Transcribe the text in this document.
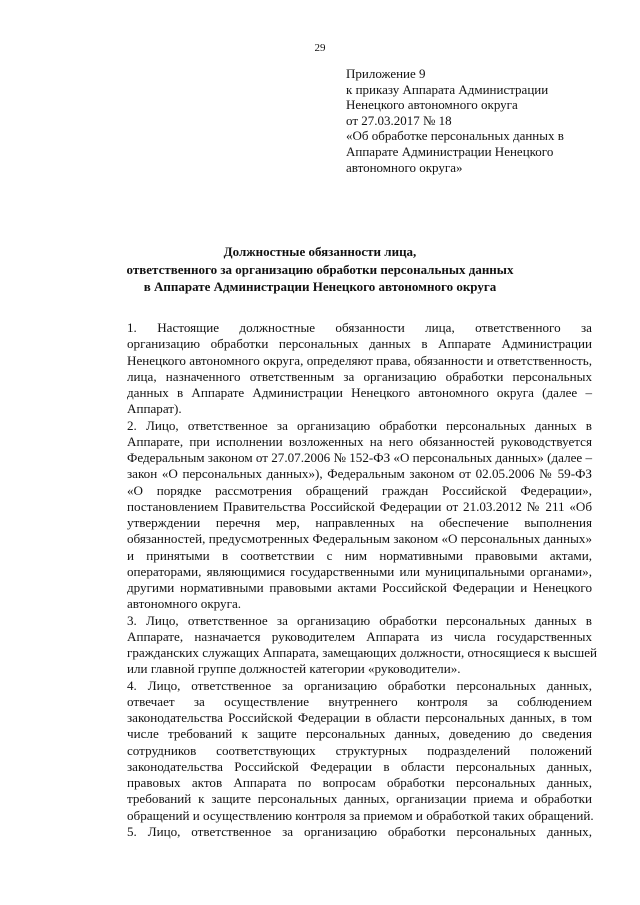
29
Приложение 9
к приказу Аппарата Администрации
Ненецкого автономного округа
от 27.03.2017 № 18
«Об обработке персональных данных в
Аппарате Администрации Ненецкого
автономного округа»
Должностные обязанности лица,
ответственного за организацию обработки персональных данных
в Аппарате Администрации Ненецкого автономного округа
1. Настоящие должностные обязанности лица, ответственного за
организацию обработки персональных данных в Аппарате Администрации
Ненецкого автономного округа, определяют права, обязанности и ответственность,
лица, назначенного ответственным за организацию обработки персональных
данных в Аппарате Администрации Ненецкого автономного округа (далее –
Аппарат).
2. Лицо, ответственное за организацию обработки персональных данных в
Аппарате, при исполнении возложенных на него обязанностей руководствуется
Федеральным законом от 27.07.2006 № 152-ФЗ «О персональных данных» (далее –
закон «О персональных данных»), Федеральным законом от 02.05.2006 № 59-ФЗ
«О порядке рассмотрения обращений граждан Российской Федерации»,
постановлением Правительства Российской Федерации от 21.03.2012 № 211 «Об
утверждении перечня мер, направленных на обеспечение выполнения
обязанностей, предусмотренных Федеральным законом «О персональных данных»
и принятыми в соответствии с ним нормативными правовыми актами,
операторами, являющимися государственными или муниципальными органами»,
другими нормативными правовыми актами Российской Федерации и Ненецкого
автономного округа.
3. Лицо, ответственное за организацию обработки персональных данных в
Аппарате, назначается руководителем Аппарата из числа государственных
гражданских служащих Аппарата, замещающих должности, относящиеся к высшей
или главной группе должностей категории «руководители».
4. Лицо, ответственное за организацию обработки персональных данных,
отвечает за осуществление внутреннего контроля за соблюдением
законодательства Российской Федерации в области персональных данных, в том
числе требований к защите персональных данных, доведению до сведения
сотрудников соответствующих структурных подразделений положений
законодательства Российской Федерации в области персональных данных,
правовых актов Аппарата по вопросам обработки персональных данных,
требований к защите персональных данных, организации приема и обработки
обращений и осуществлению контроля за приемом и обработкой таких обращений.
5. Лицо, ответственное за организацию обработки персональных данных,
